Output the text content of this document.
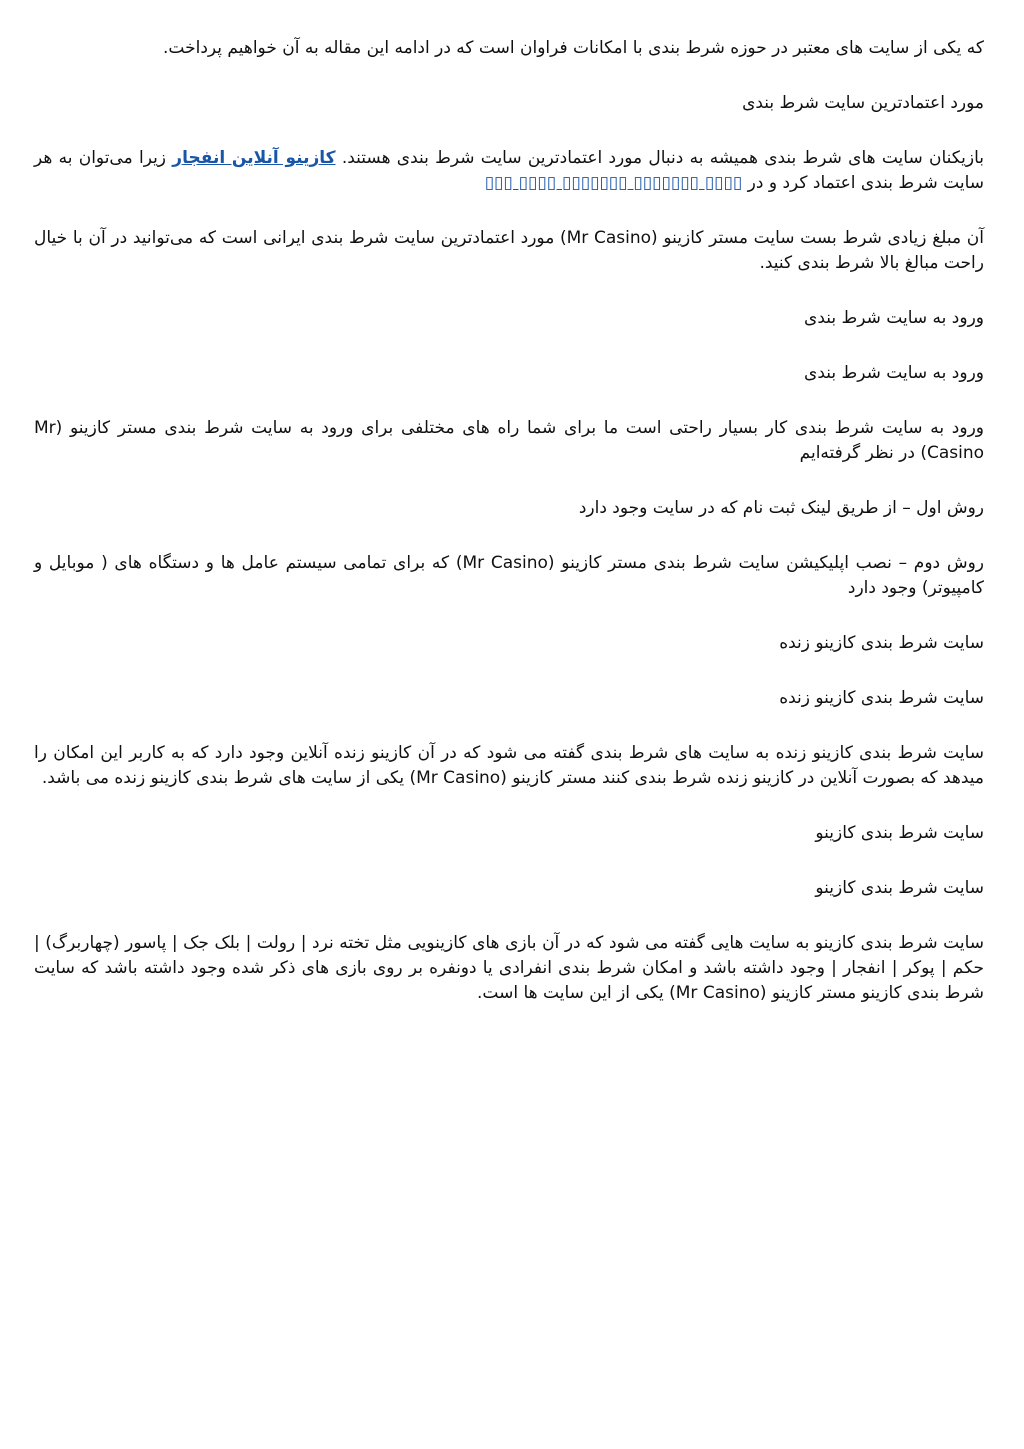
که یکی از سایت های معتبر در حوزه شرط بندی با امکانات فراوان است که در ادامه این مقاله به آن خواهیم پرداخت.

مورد اعتمادترین سایت شرط بندی

بازیکنان سایت های شرط بندی همیشه به دنبال مورد اعتمادترین سایت شرط بندی هستند. کازینو آنلاین انفجار زیرا می‌توان به هر سایت شرط بندی اعتماد کرد و در ▯▯▯▯ ▯▯▯▯▯▯▯ ▯▯▯▯▯▯▯ ▯▯▯▯ ▯▯▯

آن مبلغ زیادی شرط بست سایت مستر کازینو (Mr Casino) مورد اعتمادترین سایت شرط بندی ایرانی است که می‌توانید در آن با خیال راحت مبالغ بالا شرط بندی کنید.

ورود به سایت شرط بندی

ورود به سایت شرط بندی

ورود به سایت شرط بندی کار بسیار راحتی است ما برای شما راه های مختلفی برای ورود به سایت شرط بندی مستر کازینو (Mr Casino) در نظر گرفته‌ایم

روش اول – از طریق لینک ثبت نام که در سایت وجود دارد

روش دوم – نصب اپلیکیشن سایت شرط بندی مستر کازینو (Mr Casino) که برای تمامی سیستم عامل ها و دستگاه های ( موبایل و کامپیوتر) وجود دارد

سایت شرط بندی کازینو زنده

سایت شرط بندی کازینو زنده

سایت شرط بندی کازینو زنده به سایت های شرط بندی گفته می شود که در آن کازینو زنده آنلاین وجود دارد که به کاربر این امکان را میدهد که بصورت آنلاین در کازینو زنده شرط بندی کنند مستر کازینو (Mr Casino) یکی از سایت های شرط بندی کازینو زنده می باشد.

سایت شرط بندی کازینو

سایت شرط بندی کازینو

سایت شرط بندی کازینو به سایت هایی گفته می شود که در آن بازی های کازینویی مثل تخته نرد | رولت | بلک جک | پاسور (چهاربرگ) | حکم | پوکر | انفجار | وجود داشته باشد و امکان شرط بندی انفرادی یا دونفره بر روی بازی های ذکر شده وجود داشته باشد که سایت شرط بندی کازینو مستر کازینو (Mr Casino) یکی از این سایت ها است.
